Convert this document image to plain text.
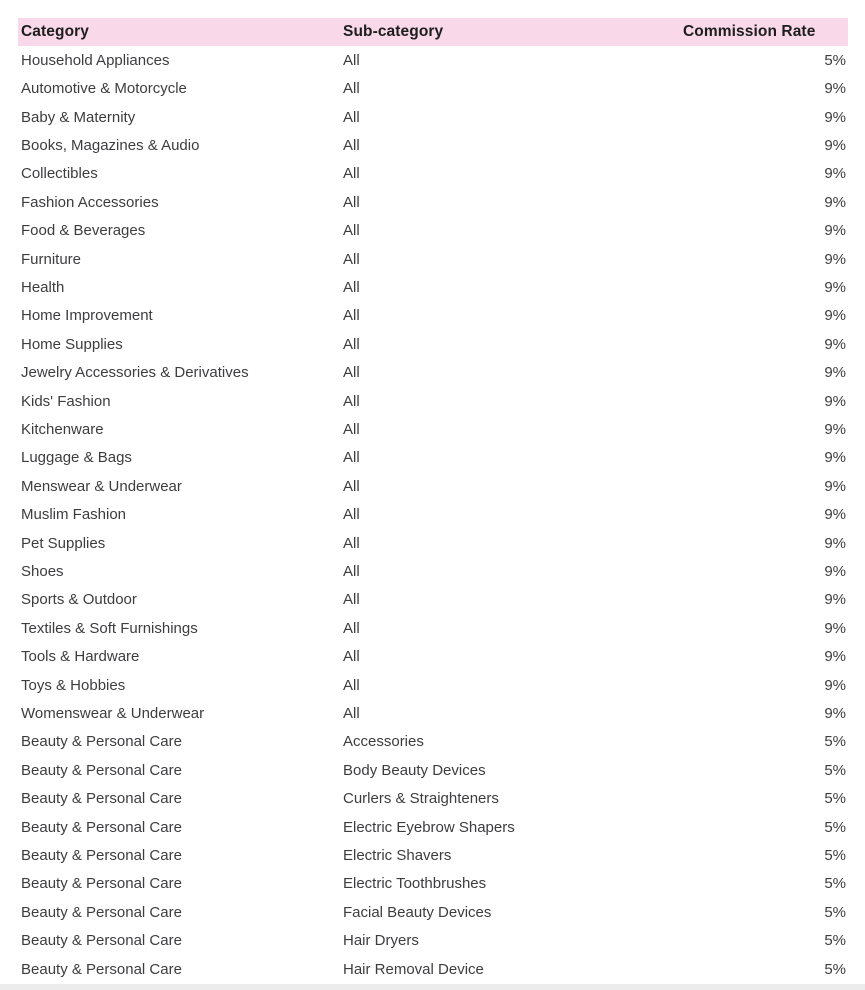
Category	Sub-category	Commission Rate
Household Appliances	All	5%
Automotive & Motorcycle	All	9%
Baby & Maternity	All	9%
Books, Magazines & Audio	All	9%
Collectibles	All	9%
Fashion Accessories	All	9%
Food & Beverages	All	9%
Furniture	All	9%
Health	All	9%
Home Improvement	All	9%
Home Supplies	All	9%
Jewelry Accessories & Derivatives	All	9%
Kids' Fashion	All	9%
Kitchenware	All	9%
Luggage & Bags	All	9%
Menswear & Underwear	All	9%
Muslim Fashion	All	9%
Pet Supplies	All	9%
Shoes	All	9%
Sports & Outdoor	All	9%
Textiles & Soft Furnishings	All	9%
Tools & Hardware	All	9%
Toys & Hobbies	All	9%
Womenswear & Underwear	All	9%
Beauty & Personal Care	Accessories	5%
Beauty & Personal Care	Body Beauty Devices	5%
Beauty & Personal Care	Curlers & Straighteners	5%
Beauty & Personal Care	Electric Eyebrow Shapers	5%
Beauty & Personal Care	Electric Shavers	5%
Beauty & Personal Care	Electric Toothbrushes	5%
Beauty & Personal Care	Facial Beauty Devices	5%
Beauty & Personal Care	Hair Dryers	5%
Beauty & Personal Care	Hair Removal Device	5%
